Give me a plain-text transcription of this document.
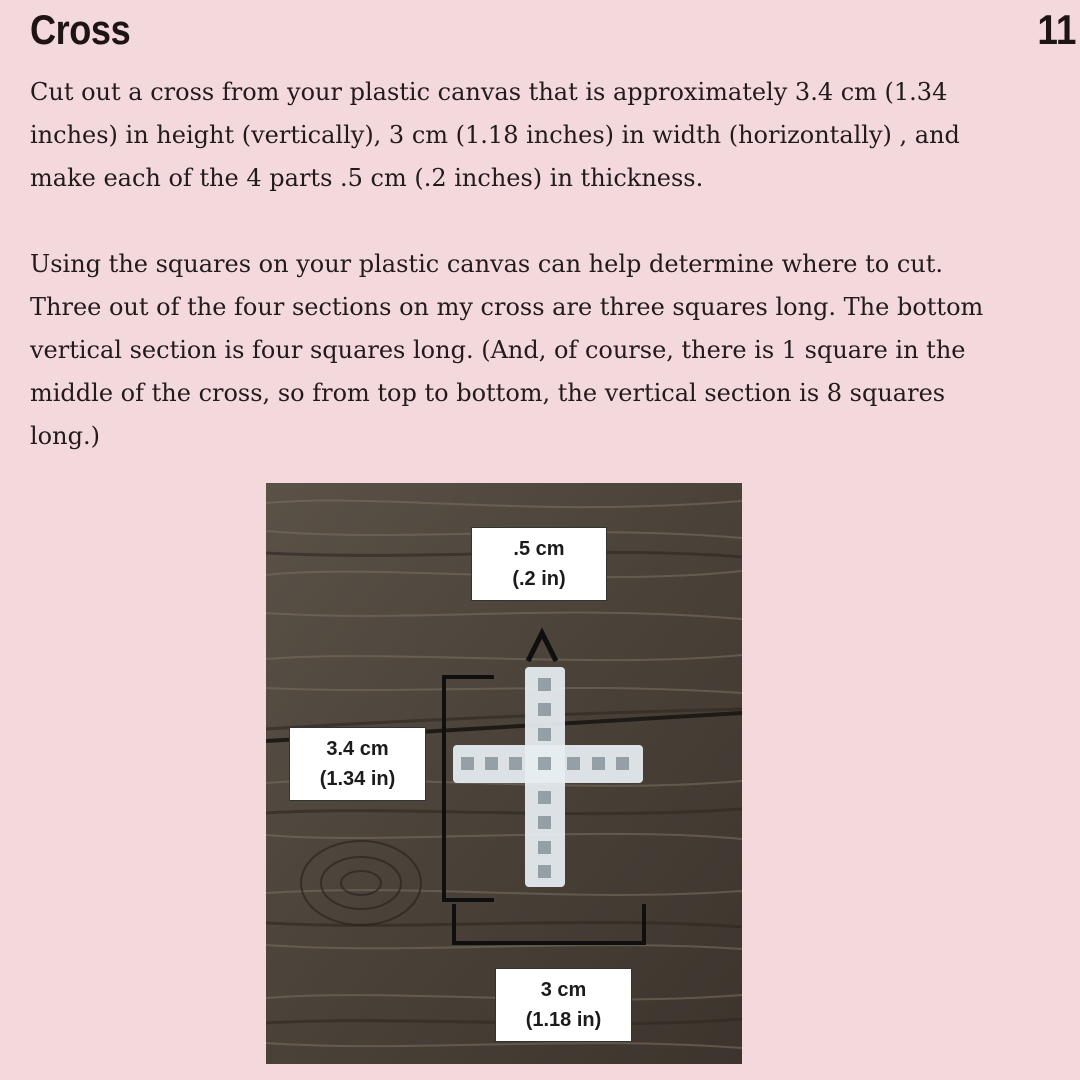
Cross	11

Cut out a cross from your plastic canvas that is approximately 3.4 cm (1.34 inches) in height (vertically), 3 cm (1.18 inches) in width (horizontally) , and make each of the 4 parts .5 cm (.2 inches) in thickness.

Using the squares on your plastic canvas can help determine where to cut. Three out of the four sections on my cross are three squares long. The bottom vertical section is four squares long. (And, of course, there is 1 square in the middle of the cross, so from top to bottom, the vertical section is 8 squares long.)

.5 cm
(.2 in)
3.4 cm
(1.34 in)
3 cm
(1.18 in)
